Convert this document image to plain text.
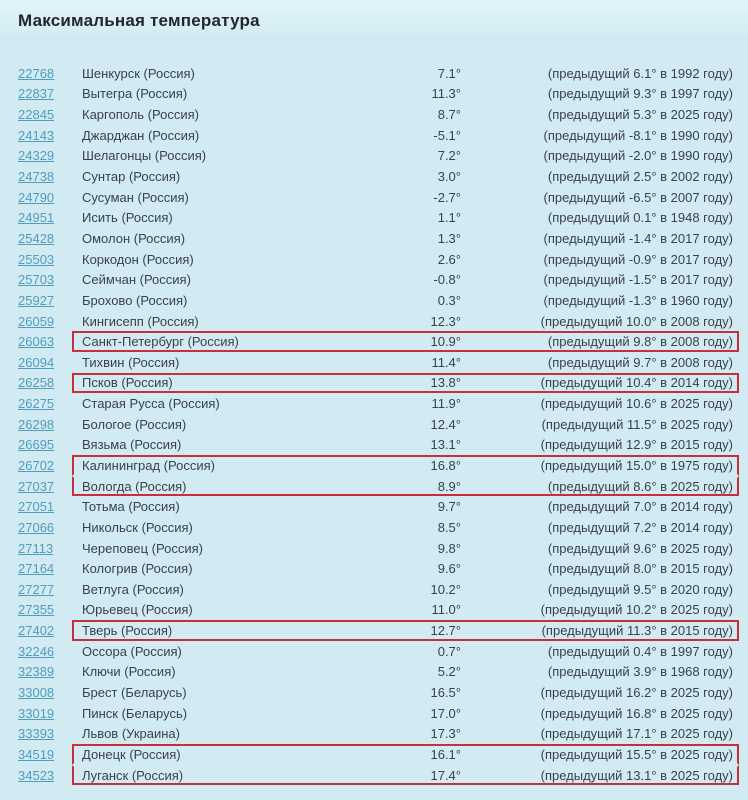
Максимальная температура
22768 Шенкурск (Россия)	7.1°	(предыдущий 6.1° в 1992 году)
22837 Вытегра (Россия)	11.3°	(предыдущий 9.3° в 1997 году)
22845 Каргополь (Россия)	8.7°	(предыдущий 5.3° в 2025 году)
24143 Джарджан (Россия)	-5.1°	(предыдущий -8.1° в 1990 году)
24329 Шелагонцы (Россия)	7.2°	(предыдущий -2.0° в 1990 году)
24738 Сунтар (Россия)	3.0°	(предыдущий 2.5° в 2002 году)
24790 Сусуман (Россия)	-2.7°	(предыдущий -6.5° в 2007 году)
24951 Исить (Россия)	1.1°	(предыдущий 0.1° в 1948 году)
25428 Омолон (Россия)	1.3°	(предыдущий -1.4° в 2017 году)
25503 Коркодон (Россия)	2.6°	(предыдущий -0.9° в 2017 году)
25703 Сеймчан (Россия)	-0.8°	(предыдущий -1.5° в 2017 году)
25927 Брохово (Россия)	0.3°	(предыдущий -1.3° в 1960 году)
26059 Кингисепп (Россия)	12.3°	(предыдущий 10.0° в 2008 году)
26063 Санкт-Петербург (Россия)	10.9°	(предыдущий 9.8° в 2008 году)
26094 Тихвин (Россия)	11.4°	(предыдущий 9.7° в 2008 году)
26258 Псков (Россия)	13.8°	(предыдущий 10.4° в 2014 году)
26275 Старая Русса (Россия)	11.9°	(предыдущий 10.6° в 2025 году)
26298 Бологое (Россия)	12.4°	(предыдущий 11.5° в 2025 году)
26695 Вязьма (Россия)	13.1°	(предыдущий 12.9° в 2015 году)
26702 Калининград (Россия)	16.8°	(предыдущий 15.0° в 1975 году)
27037 Вологда (Россия)	8.9°	(предыдущий 8.6° в 2025 году)
27051 Тотьма (Россия)	9.7°	(предыдущий 7.0° в 2014 году)
27066 Никольск (Россия)	8.5°	(предыдущий 7.2° в 2014 году)
27113 Череповец (Россия)	9.8°	(предыдущий 9.6° в 2025 году)
27164 Кологрив (Россия)	9.6°	(предыдущий 8.0° в 2015 году)
27277 Ветлуга (Россия)	10.2°	(предыдущий 9.5° в 2020 году)
27355 Юрьевец (Россия)	11.0°	(предыдущий 10.2° в 2025 году)
27402 Тверь (Россия)	12.7°	(предыдущий 11.3° в 2015 году)
32246 Оссора (Россия)	0.7°	(предыдущий 0.4° в 1997 году)
32389 Ключи (Россия)	5.2°	(предыдущий 3.9° в 1968 году)
33008 Брест (Беларусь)	16.5°	(предыдущий 16.2° в 2025 году)
33019 Пинск (Беларусь)	17.0°	(предыдущий 16.8° в 2025 году)
33393 Львов (Украина)	17.3°	(предыдущий 17.1° в 2025 году)
34519 Донецк (Россия)	16.1°	(предыдущий 15.5° в 2025 году)
34523 Луганск (Россия)	17.4°	(предыдущий 13.1° в 2025 году)
